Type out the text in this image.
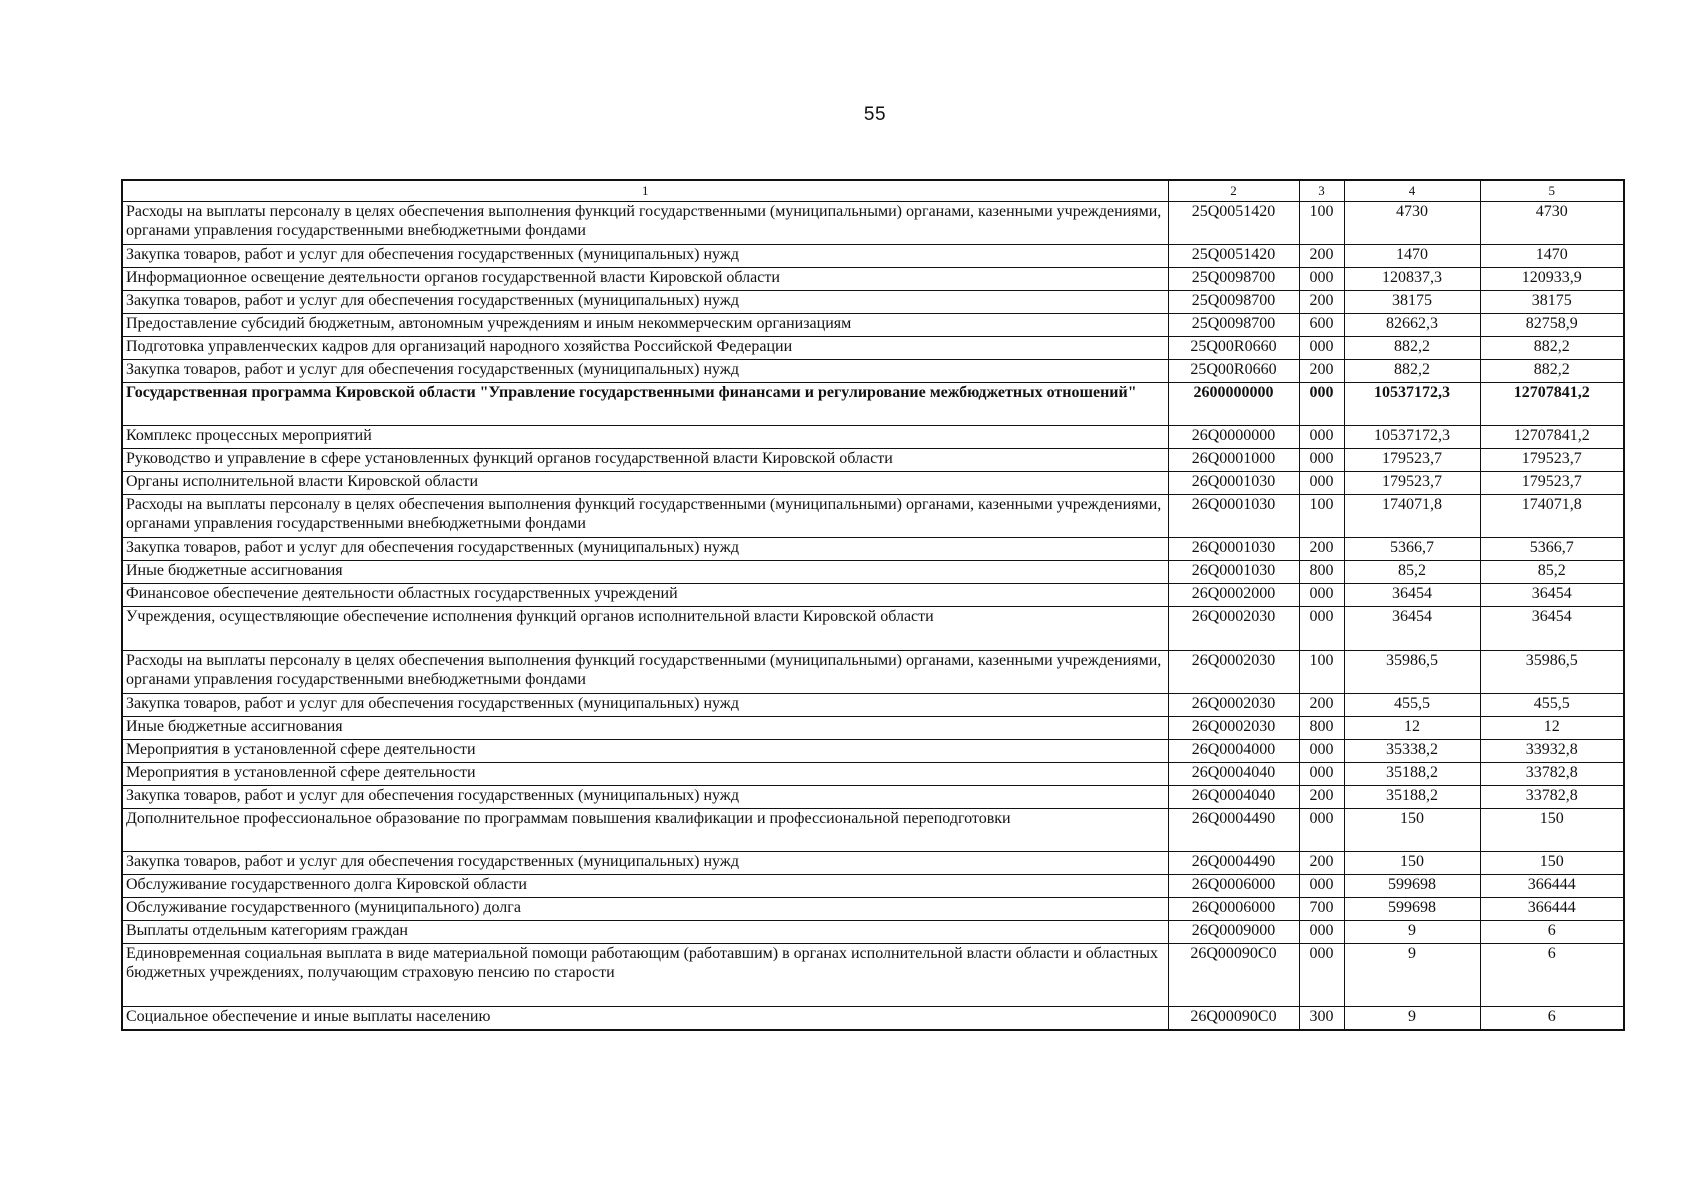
55
1	2	3	4	5
Расходы на выплаты персоналу в целях обеспечения выполнения функций государственными (муниципальными) органами, казенными учреждениями, органами управления государственными внебюджетными фондами	25Q0051420	100	4730	4730
Закупка товаров, работ и услуг для обеспечения государственных (муниципальных) нужд	25Q0051420	200	1470	1470
Информационное освещение деятельности органов государственной власти Кировской области	25Q0098700	000	120837,3	120933,9
Закупка товаров, работ и услуг для обеспечения государственных (муниципальных) нужд	25Q0098700	200	38175	38175
Предоставление субсидий бюджетным, автономным учреждениям и иным некоммерческим организациям	25Q0098700	600	82662,3	82758,9
Подготовка управленческих кадров для организаций народного хозяйства Российской Федерации	25Q00R0660	000	882,2	882,2
Закупка товаров, работ и услуг для обеспечения государственных (муниципальных) нужд	25Q00R0660	200	882,2	882,2
Государственная программа Кировской области "Управление государственными финансами и регулирование межбюджетных отношений"	2600000000	000	10537172,3	12707841,2
Комплекс процессных мероприятий	26Q0000000	000	10537172,3	12707841,2
Руководство и управление в сфере установленных функций органов государственной власти Кировской области	26Q0001000	000	179523,7	179523,7
Органы исполнительной власти Кировской области	26Q0001030	000	179523,7	179523,7
Расходы на выплаты персоналу в целях обеспечения выполнения функций государственными (муниципальными) органами, казенными учреждениями, органами управления государственными внебюджетными фондами	26Q0001030	100	174071,8	174071,8
Закупка товаров, работ и услуг для обеспечения государственных (муниципальных) нужд	26Q0001030	200	5366,7	5366,7
Иные бюджетные ассигнования	26Q0001030	800	85,2	85,2
Финансовое обеспечение деятельности областных государственных учреждений	26Q0002000	000	36454	36454
Учреждения, осуществляющие обеспечение исполнения функций органов исполнительной власти Кировской области	26Q0002030	000	36454	36454
Расходы на выплаты персоналу в целях обеспечения выполнения функций государственными (муниципальными) органами, казенными учреждениями, органами управления государственными внебюджетными фондами	26Q0002030	100	35986,5	35986,5
Закупка товаров, работ и услуг для обеспечения государственных (муниципальных) нужд	26Q0002030	200	455,5	455,5
Иные бюджетные ассигнования	26Q0002030	800	12	12
Мероприятия в установленной сфере деятельности	26Q0004000	000	35338,2	33932,8
Мероприятия в установленной сфере деятельности	26Q0004040	000	35188,2	33782,8
Закупка товаров, работ и услуг для обеспечения государственных (муниципальных) нужд	26Q0004040	200	35188,2	33782,8
Дополнительное профессиональное образование по программам повышения квалификации и профессиональной переподготовки	26Q0004490	000	150	150
Закупка товаров, работ и услуг для обеспечения государственных (муниципальных) нужд	26Q0004490	200	150	150
Обслуживание государственного долга Кировской области	26Q0006000	000	599698	366444
Обслуживание государственного (муниципального) долга	26Q0006000	700	599698	366444
Выплаты отдельным категориям граждан	26Q0009000	000	9	6
Единовременная социальная выплата в виде материальной помощи работающим (работавшим) в органах исполнительной власти области и областных бюджетных учреждениях, получающим страховую пенсию по старости	26Q00090C0	000	9	6
Социальное обеспечение и иные выплаты населению	26Q00090C0	300	9	6
